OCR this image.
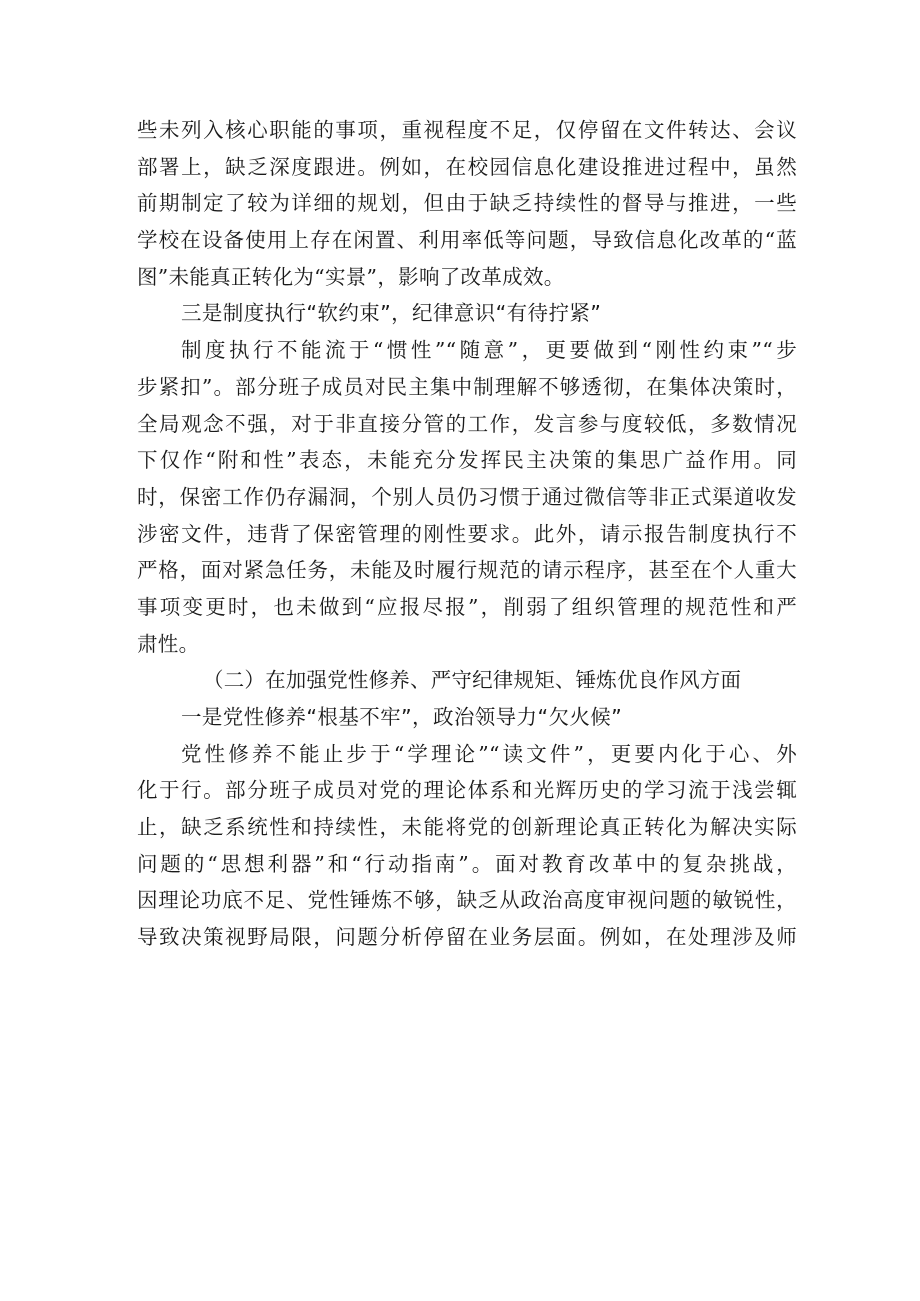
些未列入核心职能的事项，重视程度不足，仅停留在文件转达、会议
部署上，缺乏深度跟进。例如，在校园信息化建设推进过程中，虽然
前期制定了较为详细的规划，但由于缺乏持续性的督导与推进，一些
学校在设备使用上存在闲置、利用率低等问题，导致信息化改革的“蓝
图”未能真正转化为“实景”，影响了改革成效。
三是制度执行“软约束”，纪律意识“有待拧紧”
制度执行不能流于“惯性”“随意”，更要做到“刚性约束”“步
步紧扣”。部分班子成员对民主集中制理解不够透彻，在集体决策时，
全局观念不强，对于非直接分管的工作，发言参与度较低，多数情况
下仅作“附和性”表态，未能充分发挥民主决策的集思广益作用。同
时，保密工作仍存漏洞，个别人员仍习惯于通过微信等非正式渠道收发
涉密文件，违背了保密管理的刚性要求。此外，请示报告制度执行不
严格，面对紧急任务，未能及时履行规范的请示程序，甚至在个人重大
事项变更时，也未做到“应报尽报”，削弱了组织管理的规范性和严
肃性。
（二）在加强党性修养、严守纪律规矩、锤炼优良作风方面
一是党性修养“根基不牢”，政治领导力“欠火候”
党性修养不能止步于“学理论”“读文件”，更要内化于心、外
化于行。部分班子成员对党的理论体系和光辉历史的学习流于浅尝辄
止，缺乏系统性和持续性，未能将党的创新理论真正转化为解决实际
问题的“思想利器”和“行动指南”。面对教育改革中的复杂挑战，
因理论功底不足、党性锤炼不够，缺乏从政治高度审视问题的敏锐性，
导致决策视野局限，问题分析停留在业务层面。例如，在处理涉及师
